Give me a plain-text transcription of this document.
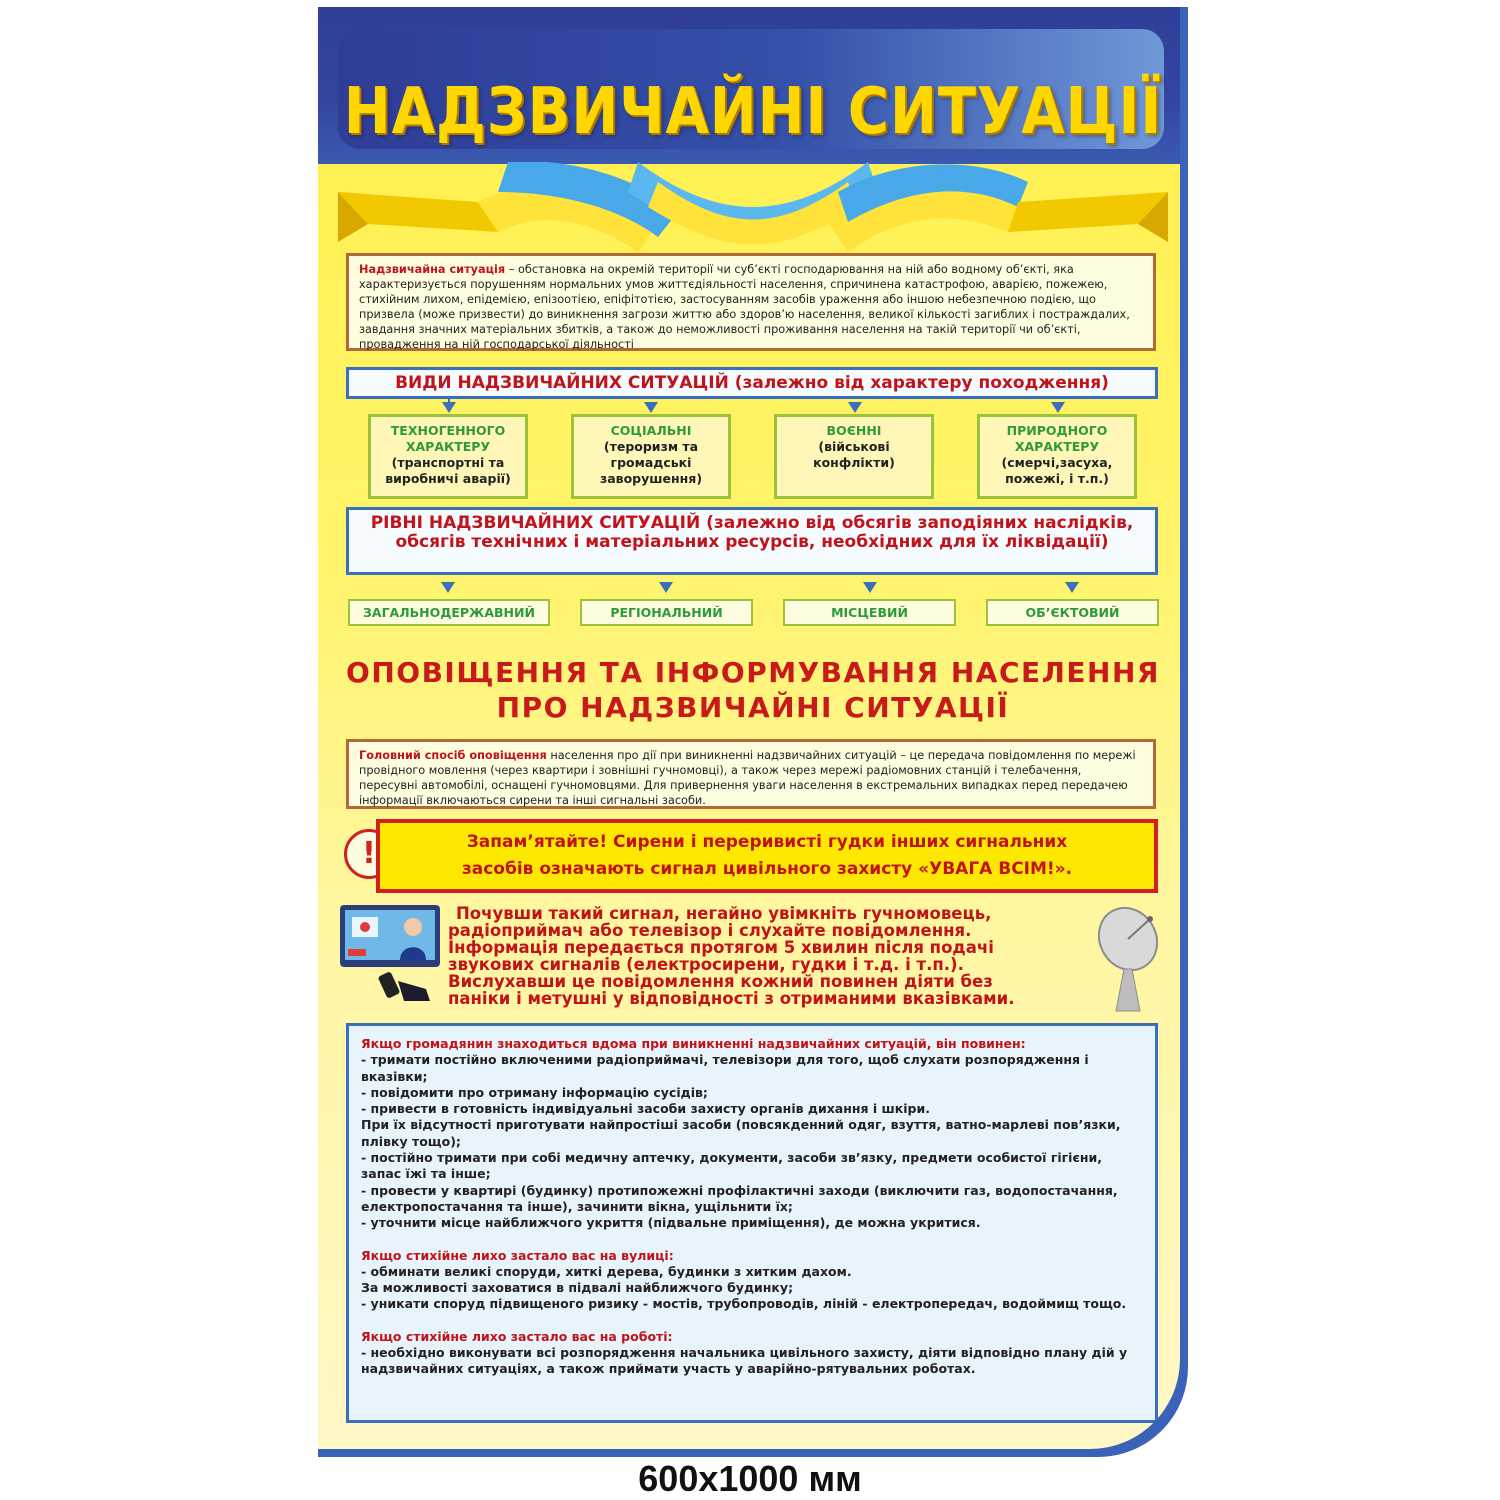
НАДЗВИЧАЙНІ СИТУАЦІЇ
Надзвичайна ситуація – обстановка на окремій території чи суб’єкті господарювання на ній або водному об’єкті, яка характеризується порушенням нормальних умов життєдіяльності населення, спричинена катастрофою, аварією, пожежею, стихійним лихом, епідемією, епізоотією, епіфітотією, застосуванням засобів ураження або іншою небезпечною подією, що призвела (може призвести) до виникнення загрози життю або здоров’ю населення, великої кількості загиблих і постраждалих, завдання значних матеріальних збитків, а також до неможливості проживання населення на такій території чи об’єкті, провадження на ній господарської діяльності
ВИДИ НАДЗВИЧАЙНИХ СИТУАЦІЙ (залежно від характеру походження)
ТЕХНОГЕННОГО ХАРАКТЕРУ
(транспортні та виробничі аварії)
СОЦІАЛЬНІ
(тероризм та громадські заворушення)
ВОЄННІ
(військові конфлікти)
ПРИРОДНОГО ХАРАКТЕРУ
(смерчі,засуха, пожежі, і т.п.)
РІВНІ НАДЗВИЧАЙНИХ СИТУАЦІЙ (залежно від обсягів заподіяних наслідків, обсягів технічних і матеріальних ресурсів, необхідних для їх ліквідації)
ЗАГАЛЬНОДЕРЖАВНИЙ	РЕГІОНАЛЬНИЙ	МІСЦЕВИЙ	ОБ’ЄКТОВИЙ
ОПОВІЩЕННЯ ТА ІНФОРМУВАННЯ НАСЕЛЕННЯ
ПРО НАДЗВИЧАЙНІ СИТУАЦІЇ
Головний спосіб оповіщення населення про дії при виникненні надзвичайних ситуацій – це передача повідомлення по мережі провідного мовлення (через квартири і зовнішні гучномовці), а також через мережі радіомовних станцій і телебачення, пересувні автомобілі, оснащені гучномовцями. Для привернення уваги населення в екстремальних випадках перед передачею інформації включаються сирени та інші сигнальні засоби.
!	Запам’ятайте! Сирени і переривисті гудки інших сигнальних
засобів означають сигнал цивільного захисту «УВАГА ВСІМ!».
Почувши такий сигнал, негайно увімкніть гучномовець,
радіоприймач або телевізор і слухайте повідомлення.
Інформація передається протягом 5 хвилин після подачі
звукових сигналів (електросирени, гудки і т.д. і т.п.).
Вислухавши це повідомлення кожний повинен діяти без
паніки і метушні у відповідності з отриманими вказівками.

Якщо громадянин знаходиться вдома при виникненні надзвичайних ситуацій, він повинен:

- тримати постійно включеними радіоприймачі, телевізори для того, щоб слухати розпорядження і вказівки;

- повідомити про отриману інформацію сусідів;

- привести в готовність індивідуальні засоби захисту органів дихання і шкіри.

При їх відсутності приготувати найпростіші засоби (повсякденний одяг, взуття, ватно-марлеві пов’язки, плівку тощо);

- постійно тримати при собі медичну аптечку, документи, засоби зв’язку, предмети особистої гігієни, запас їжі та інше;

- провести у квартирі (будинку) протипожежні профілактичні заходи (виключити газ, водопостачання, електропостачання та інше), зачинити вікна, ущільнити їх;

- уточнити місце найближчого укриття (підвальне приміщення), де можна укритися.

Якщо стихійне лихо застало вас на вулиці:

- обминати великі споруди, хиткі дерева, будинки з хитким дахом.

За можливості заховатися в підвалі найближчого будинку;

- уникати споруд підвищеного ризику - мостів, трубопроводів, ліній - електропередач, водоймищ тощо.

Якщо стихійне лихо застало вас на роботі:

- необхідно виконувати всі розпорядження начальника цивільного захисту, діяти відповідно плану дій у надзвичайних ситуаціях, а також приймати участь у аварійно-рятувальних роботах.

600x1000 мм
